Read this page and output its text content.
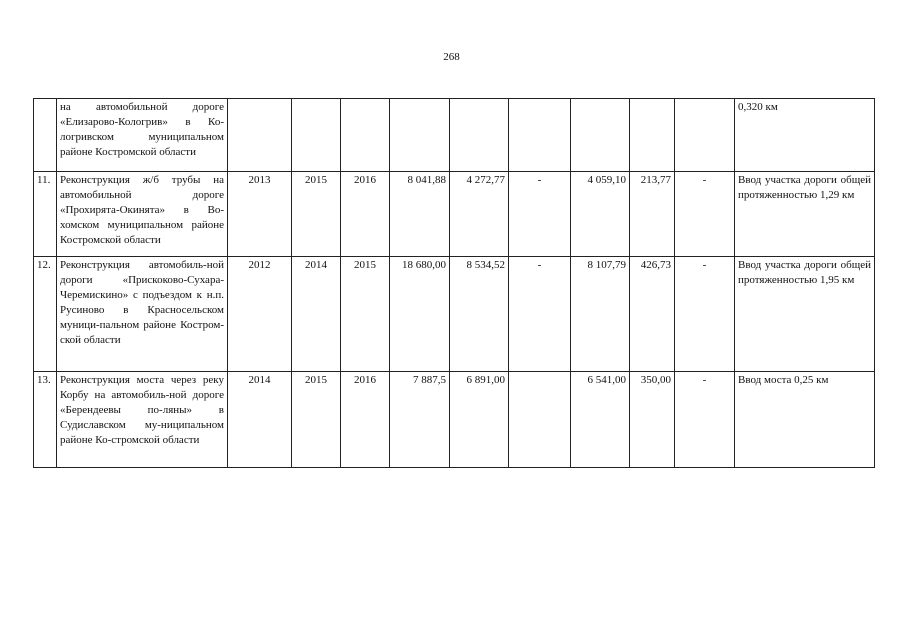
268
	на автомобильной дороге «Елизарово-Кологрив» в Ко-логривском муниципальном районе Костромской области										0,320 км
11.	Реконструкция ж/б трубы на автомобильной дороге «Прохирята-Окинята» в Во-хомском муниципальном районе Костромской области	2013	2015	2016	8 041,88	4 272,77	-	4 059,10	213,77	-	Ввод участка дороги общей протяженностью 1,29 км
12.	Реконструкция автомобиль-ной дороги «Прискоково-Сухара-Черемискино» с подъездом к н.п. Русиново в Красносельском муници-пальном районе Костром-ской области	2012	2014	2015	18 680,00	8 534,52	-	8 107,79	426,73	-	Ввод участка дороги общей протяженностью 1,95 км
13.	Реконструкция моста через реку Корбу на автомобиль-ной дороге «Берендеевы по-ляны» в Судиславском му-ниципальном районе Ко-стромской области	2014	2015	2016	7 887,5	6 891,00		6 541,00	350,00	-	Ввод моста 0,25 км
